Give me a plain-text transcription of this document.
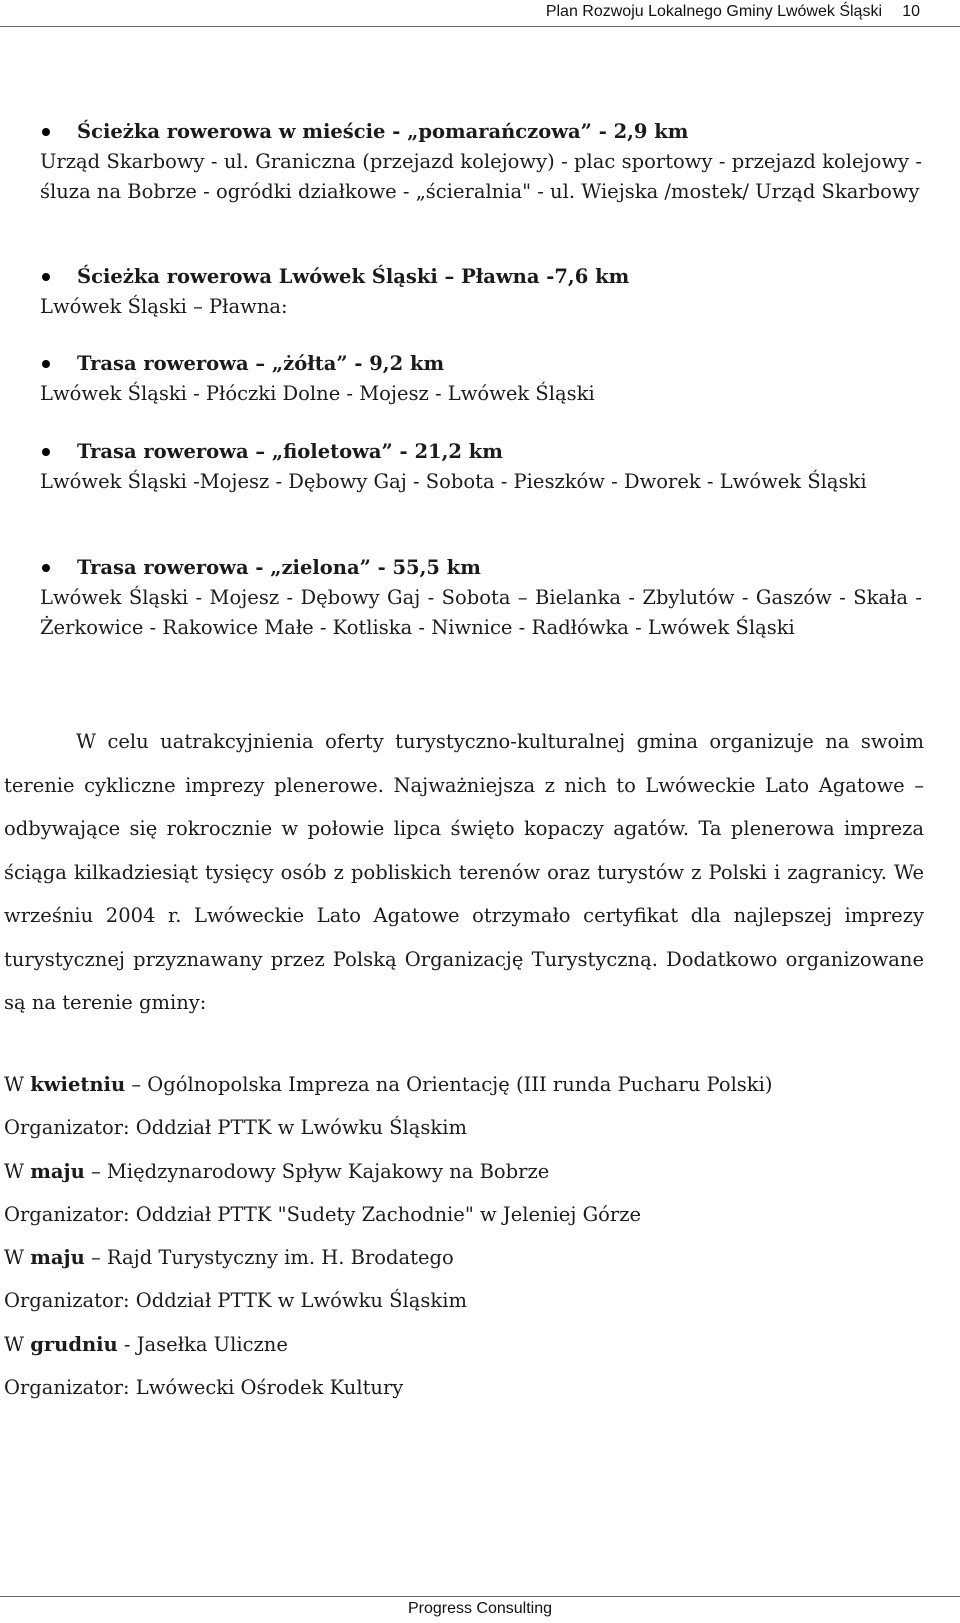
Plan Rozwoju Lokalnego Gminy Lwówek Śląski 10
Ścieżka rowerowa w mieście - „pomarańczowa” - 2,9 km
Urząd Skarbowy - ul. Graniczna (przejazd kolejowy) - plac sportowy - przejazd kolejowy - śluza na Bobrze - ogródki działkowe - „ścieralnia" - ul. Wiejska /mostek/ Urząd Skarbowy
Ścieżka rowerowa Lwówek Śląski – Pławna -7,6 km
Lwówek Śląski – Pławna:
Trasa rowerowa – „żółta” - 9,2 km
Lwówek Śląski - Płóczki Dolne - Mojesz - Lwówek Śląski
Trasa rowerowa – „fioletowa” - 21,2 km
Lwówek Śląski -Mojesz - Dębowy Gaj - Sobota - Pieszków - Dworek - Lwówek Śląski
Trasa rowerowa - „zielona” - 55,5 km
Lwówek Śląski - Mojesz - Dębowy Gaj - Sobota – Bielanka - Zbylutów - Gaszów - Skała - Żerkowice - Rakowice Małe - Kotliska - Niwnice - Radłówka - Lwówek Śląski
W celu uatrakcyjnienia oferty turystyczno-kulturalnej gmina organizuje na swoim terenie cykliczne imprezy plenerowe. Najważniejsza z nich to Lwóweckie Lato Agatowe – odbywające się rokrocznie w połowie lipca święto kopaczy agatów. Ta plenerowa impreza ściąga kilkadziesiąt tysięcy osób z pobliskich terenów oraz turystów z Polski i zagranicy. We wrześniu 2004 r. Lwóweckie Lato Agatowe otrzymało certyfikat dla najlepszej imprezy turystycznej przyznawany przez Polską Organizację Turystyczną. Dodatkowo organizowane są na terenie gminy:
W kwietniu – Ogólnopolska Impreza na Orientację (III runda Pucharu Polski)
Organizator: Oddział PTTK w Lwówku Śląskim
W maju – Międzynarodowy Spływ Kajakowy na Bobrze
Organizator: Oddział PTTK "Sudety Zachodnie" w Jeleniej Górze
W maju – Rajd Turystyczny im. H. Brodatego
Organizator: Oddział PTTK w Lwówku Śląskim
W grudniu - Jasełka Uliczne
Organizator: Lwówecki Ośrodek Kultury
Progress Consulting
